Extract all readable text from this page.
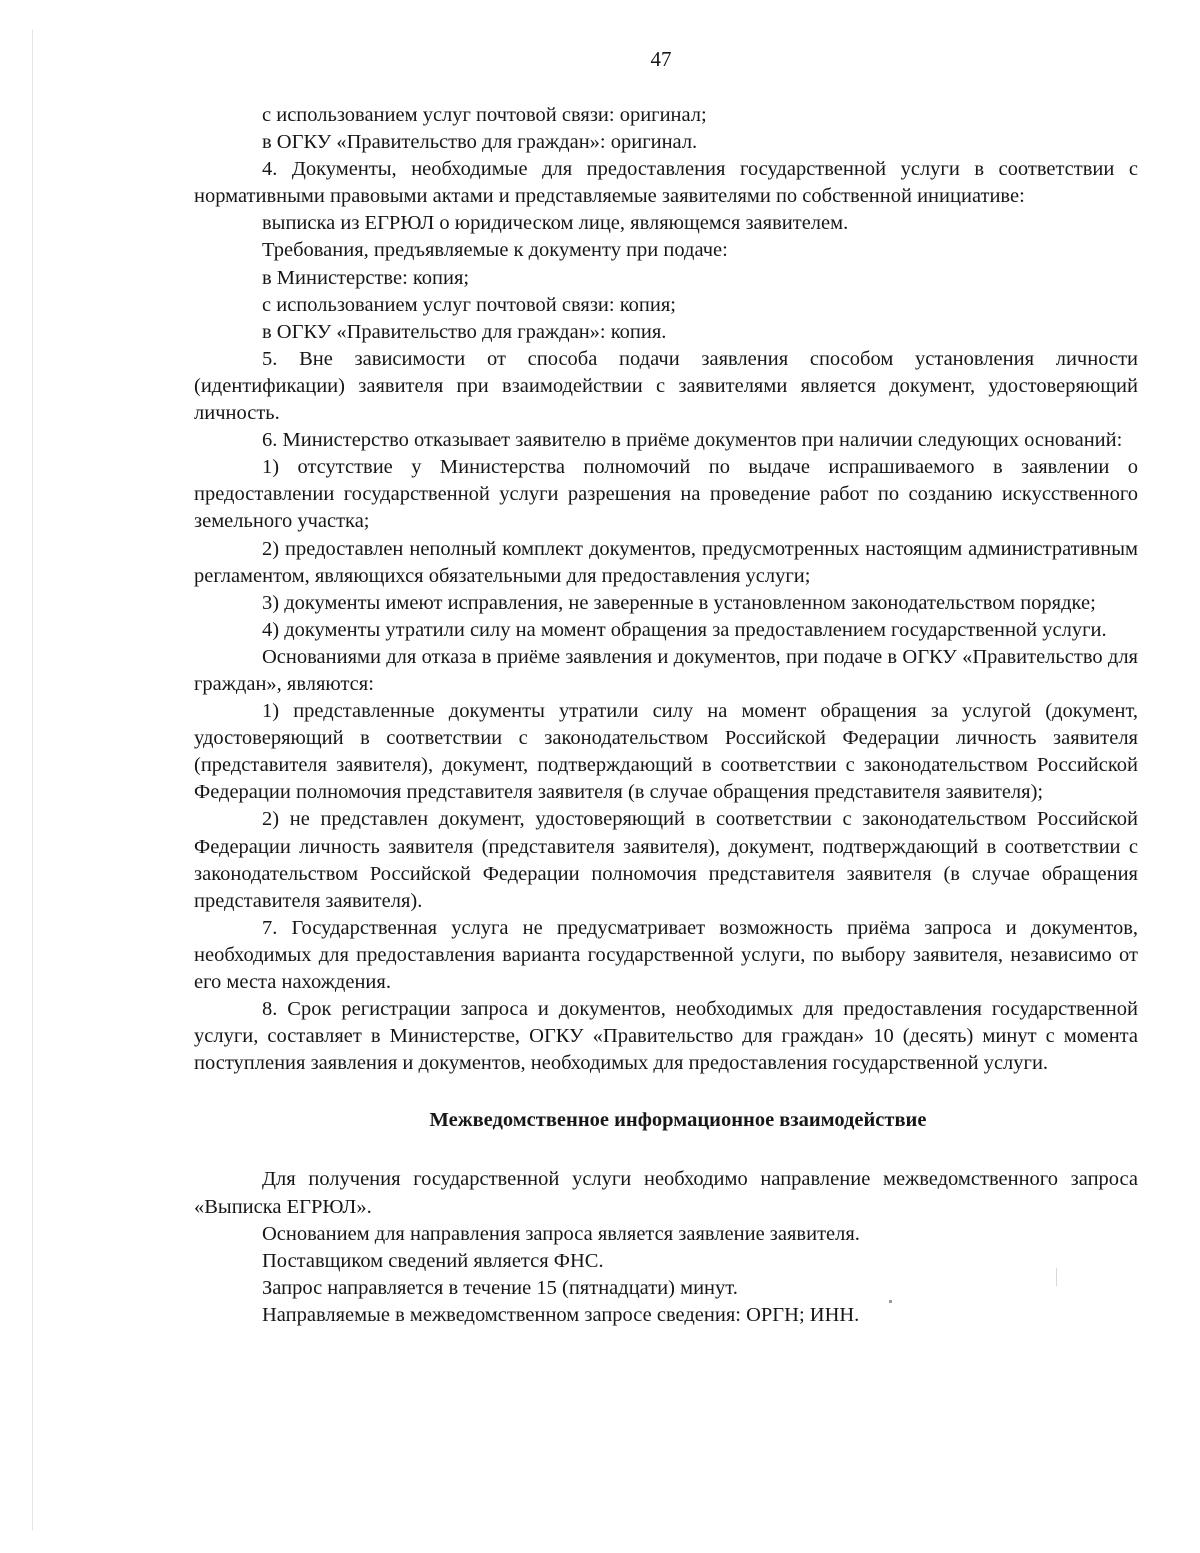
47

с использованием услуг почтовой связи: оригинал;

в ОГКУ «Правительство для граждан»: оригинал.

4. Документы, необходимые для предоставления государственной услуги в соответствии с нормативными правовыми актами и представляемые заявителями по собственной инициативе:

выписка из ЕГРЮЛ о юридическом лице, являющемся заявителем.

Требования, предъявляемые к документу при подаче:

в Министерстве: копия;

с использованием услуг почтовой связи: копия;

в ОГКУ «Правительство для граждан»: копия.

5. Вне зависимости от способа подачи заявления способом установления личности (идентификации) заявителя при взаимодействии с заявителями является документ, удостоверяющий личность.

6. Министерство отказывает заявителю в приёме документов при наличии следующих оснований:

1) отсутствие у Министерства полномочий по выдаче испрашиваемого в заявлении о предоставлении государственной услуги разрешения на проведение работ по созданию искусственного земельного участка;

2) предоставлен неполный комплект документов, предусмотренных настоящим административным регламентом, являющихся обязательными для предоставления услуги;

3) документы имеют исправления, не заверенные в установленном законодательством порядке;

4) документы утратили силу на момент обращения за предоставлением государственной услуги.

Основаниями для отказа в приёме заявления и документов, при подаче в ОГКУ «Правительство для граждан», являются:

1) представленные документы утратили силу на момент обращения за услугой (документ, удостоверяющий в соответствии с законодательством Российской Федерации личность заявителя (представителя заявителя), документ, подтверждающий в соответствии с законодательством Российской Федерации полномочия представителя заявителя (в случае обращения представителя заявителя);

2) не представлен документ, удостоверяющий в соответствии с законодательством Российской Федерации личность заявителя (представителя заявителя), документ, подтверждающий в соответствии с законодательством Российской Федерации полномочия представителя заявителя (в случае обращения представителя заявителя).

7. Государственная услуга не предусматривает возможность приёма запроса и документов, необходимых для предоставления варианта государственной услуги, по выбору заявителя, независимо от его места нахождения.

8. Срок регистрации запроса и документов, необходимых для предоставления государственной услуги, составляет в Министерстве, ОГКУ «Правительство для граждан» 10 (десять) минут с момента поступления заявления и документов, необходимых для предоставления государственной услуги.

Межведомственное информационное взаимодействие

Для получения государственной услуги необходимо направление межведомственного запроса «Выписка ЕГРЮЛ».

Основанием для направления запроса является заявление заявителя.

Поставщиком сведений является ФНС.

Запрос направляется в течение 15 (пятнадцати) минут.

Направляемые в межведомственном запросе сведения: ОРГН; ИНН.
